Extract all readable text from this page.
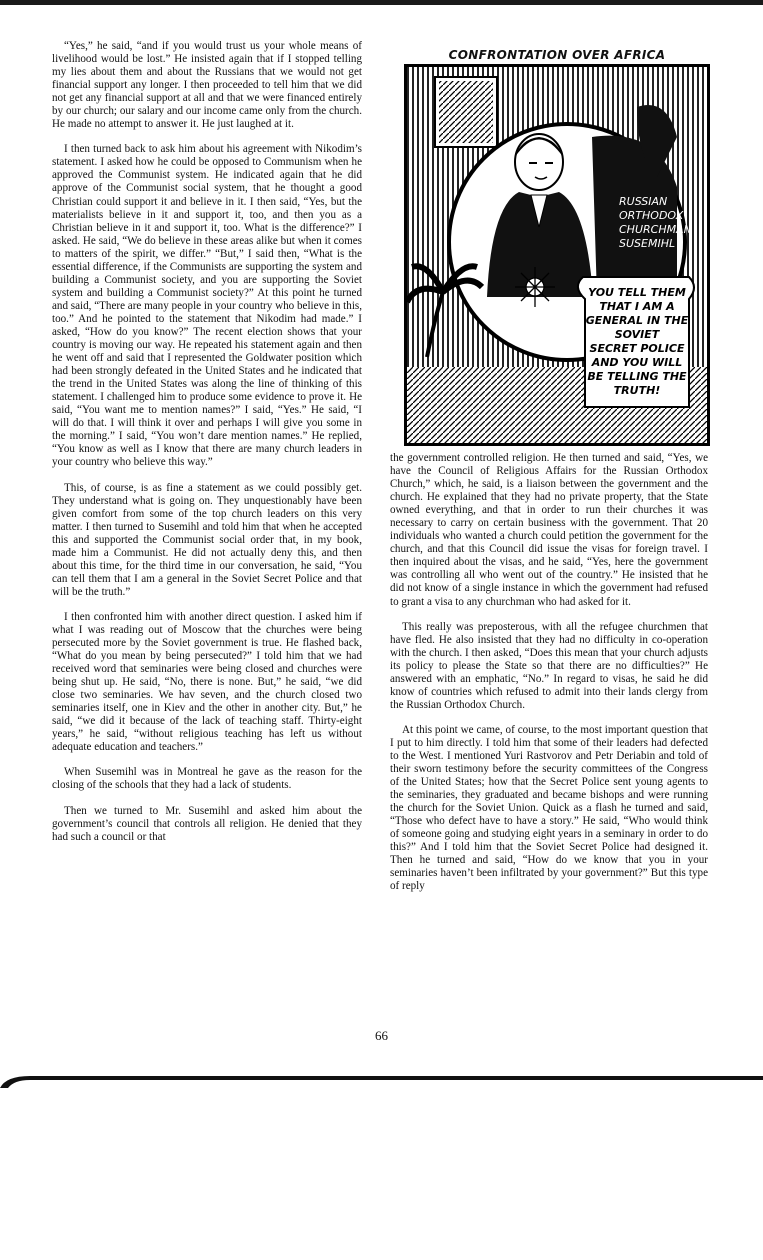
“Yes,” he said, “and if you would trust us your whole means of livelihood would be lost.” He insisted again that if I stopped telling my lies about them and about the Russians that we would not get financial support any longer. I then proceeded to tell him that we did not get any financial support at all and that we were financed entirely by our church; our salary and our income came only from the church. He made no attempt to answer it. He just laughed at it.

I then turned back to ask him about his agreement with Nikodim’s statement. I asked how he could be opposed to Communism when he approved the Communist system. He indicated again that he did approve of the Communist social system, that he thought a good Christian could support it and believe in it. I then said, “Yes, but the materialists believe in it and support it, too, and then you as a Christian believe in it and support it, too. What is the difference?” I asked. He said, “We do believe in these areas alike but when it comes to matters of the spirit, we differ.” “But,” I said then, “What is the essential difference, if the Communists are supporting the system and building a Communist society, and you are supporting the Soviet system and building a Communist society?” At this point he turned and said, “There are many people in your country who believe in this, too.” And he pointed to the statement that Nikodim had made.” I asked, “How do you know?” The recent election shows that your country is moving our way. He repeated his statement again and then he went off and said that I represented the Goldwater position which had been strongly defeated in the United States and he indicated that the trend in the United States was along the line of thinking of this statement. I challenged him to produce some evidence to prove it. He said, “You want me to mention names?” I said, “Yes.” He said, “I will do that. I will think it over and perhaps I will give you some in the morning.” I said, “You won’t dare mention names.” He replied, “You know as well as I know that there are many church leaders in your country who believe this way.”

This, of course, is as fine a statement as we could possibly get. They understand what is going on. They unquestionably have been given comfort from some of the top church leaders on this very matter. I then turned to Susemihl and told him that when he accepted this and supported the Communist social order that, in my book, made him a Communist. He did not actually deny this, and then about this time, for the third time in our conversation, he said, “You can tell them that I am a general in the Soviet Secret Police and that will be the truth.”

I then confronted him with another direct question. I asked him if what I was reading out of Moscow that the churches were being persecuted more by the Soviet government is true. He flashed back, “What do you mean by being persecuted?” I told him that we had received word that seminaries were being closed and churches were being shut up. He said, “No, there is none. But,” he said, “we did close two seminaries. We hav seven, and the church closed two seminaries itself, one in Kiev and the other in another city. But,” he said, “we did it because of the lack of teaching staff. Thirty-eight years,” he said, “without religious teaching has left us without adequate education and teachers.”

When Susemihl was in Montreal he gave as the reason for the closing of the schools that they had a lack of students.

Then we turned to Mr. Susemihl and asked him about the government’s council that controls all religion. He denied that they had such a council or that

CONFRONTATION OVER AFRICA
RUSSIAN
ORTHODOX
CHURCHMAN
SUSEMIHL
YOU TELL THEM
THAT I AM A
GENERAL IN THE
SOVIET
SECRET POLICE
AND YOU WILL
BE TELLING THE
TRUTH!

the government controlled religion. He then turned and said, “Yes, we have the Council of Religious Affairs for the Russian Orthodox Church,” which, he said, is a liaison between the government and the church. He explained that they had no private property, that the State owned everything, and that in order to run their churches it was necessary to carry on certain business with the government. That 20 individuals who wanted a church could petition the government for the church, and that this Council did issue the visas for foreign travel. I then inquired about the visas, and he said, “Yes, here the government was controlling all who went out of the country.” He insisted that he did not know of a single instance in which the government had refused to grant a visa to any churchman who had asked for it.

This really was preposterous, with all the refugee churchmen that have fled. He also insisted that they had no difficulty in co-operation with the church. I then asked, “Does this mean that your church adjusts its policy to please the State so that there are no difficulties?” He answered with an emphatic, “No.” In regard to visas, he said he did know of countries which refused to admit into their lands clergy from the Russian Orthodox Church.

At this point we came, of course, to the most important question that I put to him directly. I told him that some of their leaders had defected to the West. I mentioned Yuri Rastvorov and Petr Deriabin and told of their sworn testimony before the security committees of the Congress of the United States; how that the Secret Police sent young agents to the seminaries, they graduated and became bishops and were running the church for the Soviet Union. Quick as a flash he turned and said, “Those who defect have to have a story.” He said, “Who would think of someone going and studying eight years in a seminary in order to do this?” And I told him that the Soviet Secret Police had designed it. Then he turned and said, “How do we know that you in your seminaries haven’t been infiltrated by your government?” But this type of reply

66
